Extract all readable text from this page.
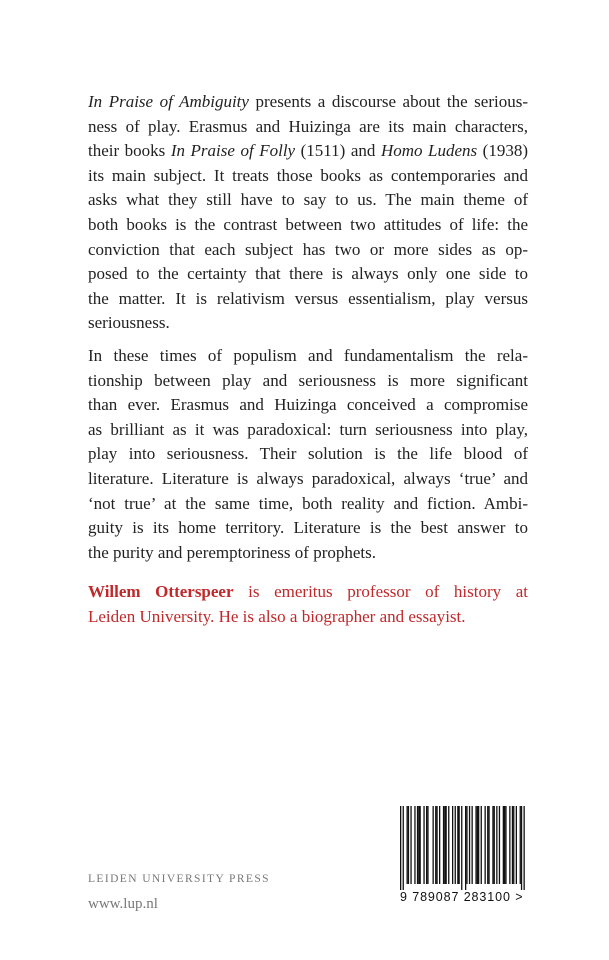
In Praise of Ambiguity presents a discourse about the serious-
ness of play. Erasmus and Huizinga are its main characters,
their books In Praise of Folly (1511) and Homo Ludens (1938)
its main subject. It treats those books as contemporaries and
asks what they still have to say to us. The main theme of
both books is the contrast between two attitudes of life: the
conviction that each subject has two or more sides as op-
posed to the certainty that there is always only one side to
the matter. It is relativism versus essentialism, play versus
seriousness.
In these times of populism and fundamentalism the rela-
tionship between play and seriousness is more significant
than ever. Erasmus and Huizinga conceived a compromise
as brilliant as it was paradoxical: turn seriousness into play,
play into seriousness. Their solution is the life blood of
literature. Literature is always paradoxical, always ‘true’ and
‘not true’ at the same time, both reality and fiction. Ambi-
guity is its home territory. Literature is the best answer to
the purity and peremptoriness of prophets.
Willem Otterspeer is emeritus professor of history at
Leiden University. He is also a biographer and essayist.
LEIDEN UNIVERSITY PRESS
www.lup.nl	9 789087 283100 >
